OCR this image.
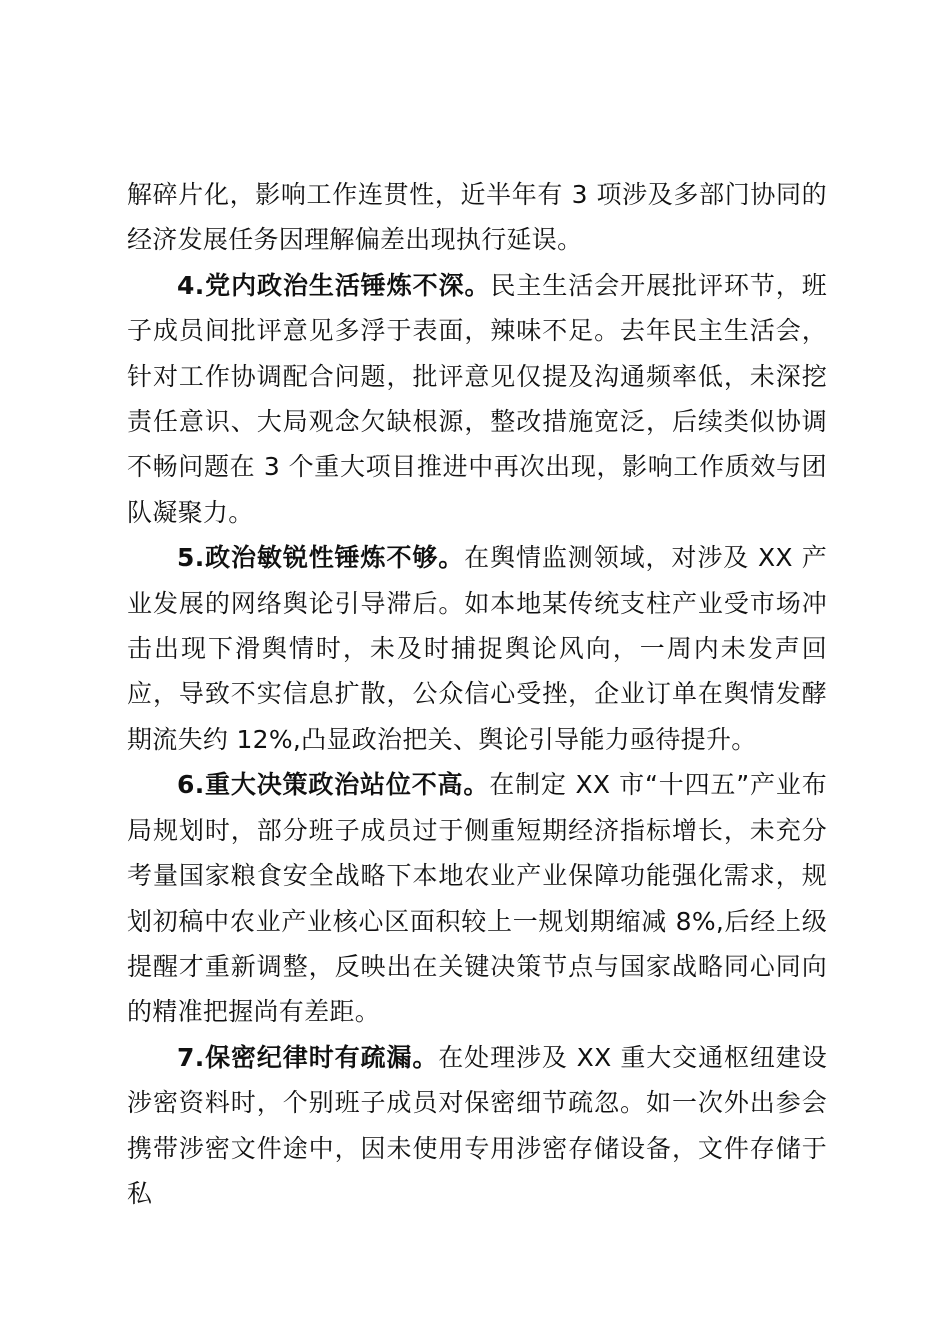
解碎片化，影响工作连贯性，近半年有 3 项涉及多部门协同的经济发展任务因理解偏差出现执行延误。

4.党内政治生活锤炼不深。民主生活会开展批评环节，班子成员间批评意见多浮于表面，辣味不足。去年民主生活会，针对工作协调配合问题，批评意见仅提及沟通频率低，未深挖责任意识、大局观念欠缺根源，整改措施宽泛，后续类似协调不畅问题在 3 个重大项目推进中再次出现，影响工作质效与团队凝聚力。

5.政治敏锐性锤炼不够。在舆情监测领域，对涉及 XX 产业发展的网络舆论引导滞后。如本地某传统支柱产业受市场冲击出现下滑舆情时，未及时捕捉舆论风向，一周内未发声回应，导致不实信息扩散，公众信心受挫，企业订单在舆情发酵期流失约 12%,凸显政治把关、舆论引导能力亟待提升。

6.重大决策政治站位不高。在制定 XX 市“十四五”产业布局规划时，部分班子成员过于侧重短期经济指标增长，未充分考量国家粮食安全战略下本地农业产业保障功能强化需求，规划初稿中农业产业核心区面积较上一规划期缩减 8%,后经上级提醒才重新调整，反映出在关键决策节点与国家战略同心同向的精准把握尚有差距。

7.保密纪律时有疏漏。在处理涉及 XX 重大交通枢纽建设涉密资料时，个别班子成员对保密细节疏忽。如一次外出参会携带涉密文件途中，因未使用专用涉密存储设备，文件存储于私
